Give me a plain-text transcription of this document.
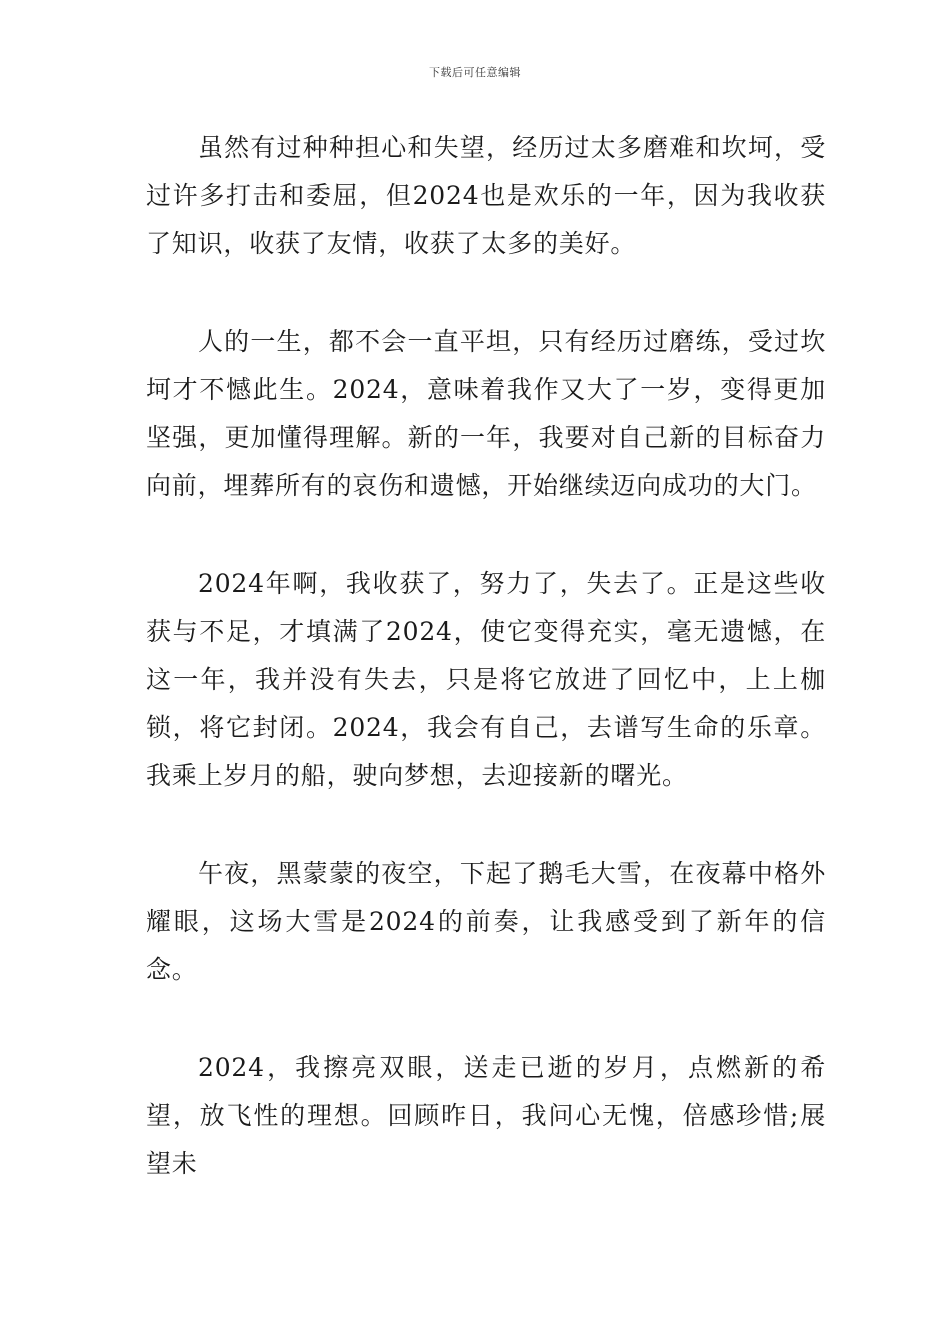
下载后可任意编辑

虽然有过种种担心和失望，经历过太多磨难和坎坷，受过许多打击和委屈，但2024也是欢乐的一年，因为我收获了知识，收获了友情，收获了太多的美好。

人的一生，都不会一直平坦，只有经历过磨练，受过坎坷才不憾此生。2024，意味着我作又大了一岁，变得更加坚强，更加懂得理解。新的一年，我要对自己新的目标奋力向前，埋葬所有的哀伤和遗憾，开始继续迈向成功的大门。

2024年啊，我收获了，努力了，失去了。正是这些收获与不足，才填满了2024，使它变得充实，毫无遗憾，在这一年，我并没有失去，只是将它放进了回忆中，上上枷锁，将它封闭。2024，我会有自己，去谱写生命的乐章。我乘上岁月的船，驶向梦想，去迎接新的曙光。

午夜，黑蒙蒙的夜空，下起了鹅毛大雪，在夜幕中格外耀眼，这场大雪是2024的前奏，让我感受到了新年的信念。

2024，我擦亮双眼，送走已逝的岁月，点燃新的希望，放飞性的理想。回顾昨日，我问心无愧，倍感珍惜;展望未
